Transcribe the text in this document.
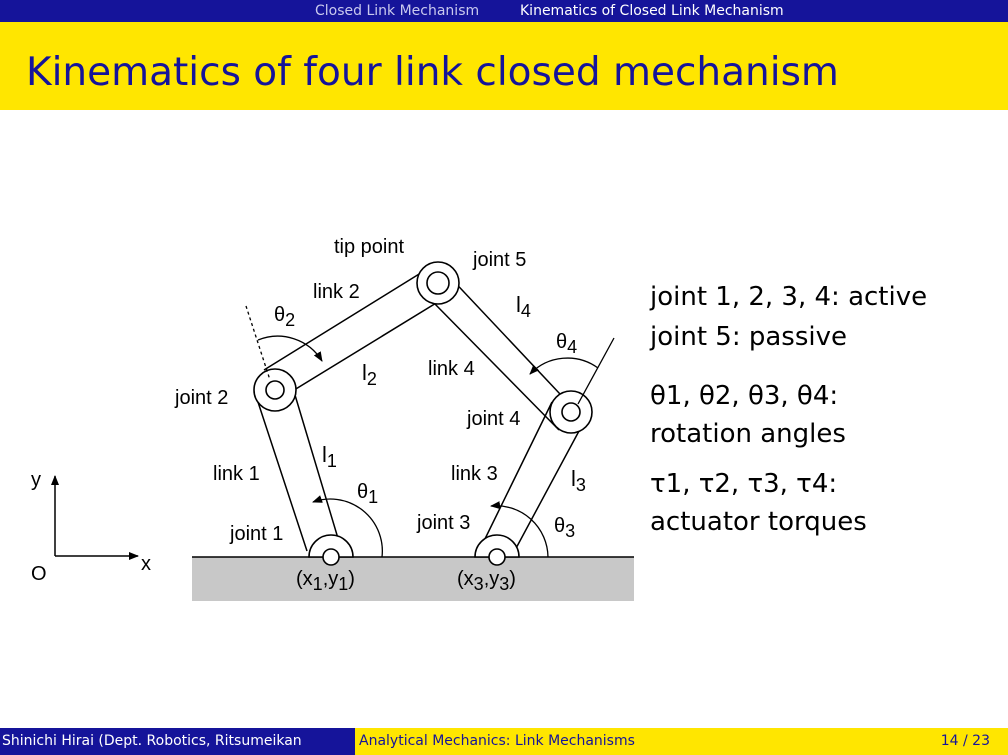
Closed Link Mechanism	Kinematics of Closed Link Mechanism
Kinematics of four link closed mechanism
tip point
joint 5
link 2
θ2
$l_4$
θ4
link 4
$l_2$
joint 2
joint 4
$l_1$
link 1	link 3	$l_3$
θ1
joint 1	joint 3	θ3
y
x
O	(x1,y1)	(x3,y3)
joint 1, 2, 3, 4: active
joint 5: passive
θ1, θ2, θ3, θ4:
rotation angles
τ1, τ2, τ3, τ4:
actuator torques
Shinichi Hirai (Dept. Robotics, Ritsumeikan	Analytical Mechanics: Link Mechanisms	14 / 23
